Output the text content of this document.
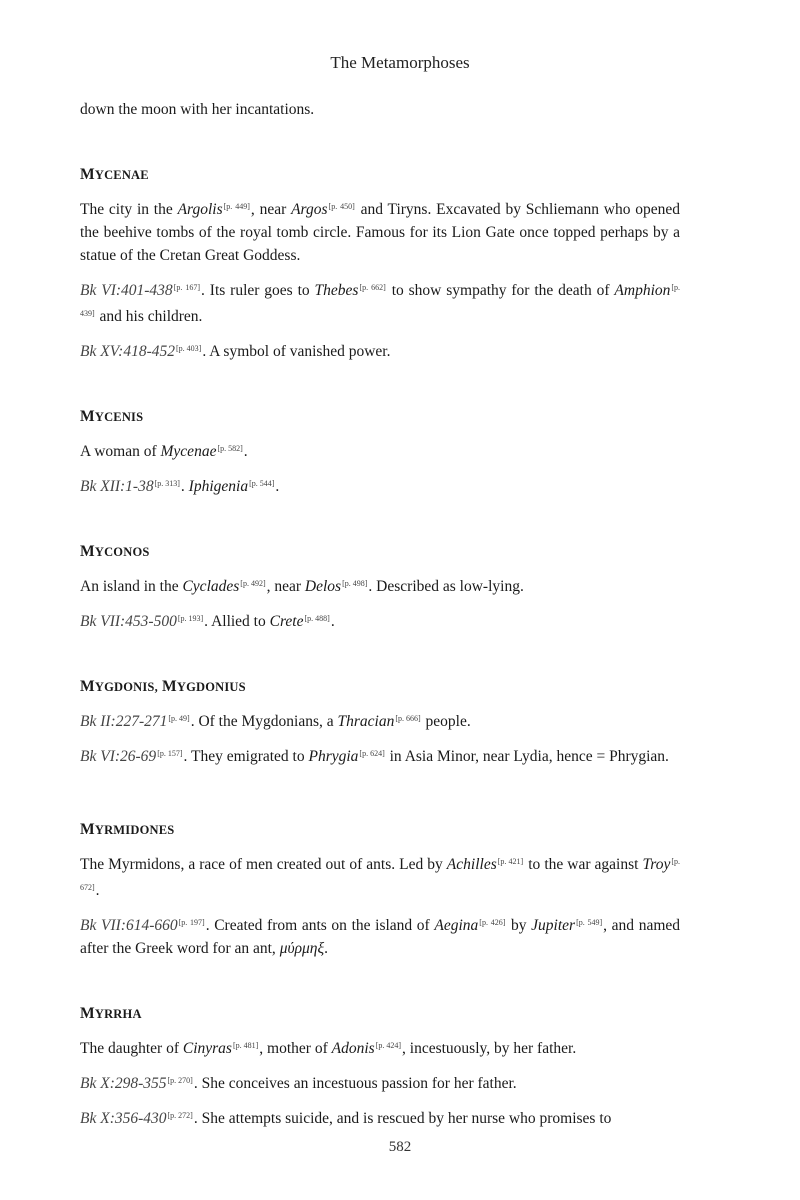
The Metamorphoses

down the moon with her incantations.

MYCENAE

The city in the Argolis[p. 449], near Argos[p. 450] and Tiryns. Excavated by Schliemann who opened the beehive tombs of the royal tomb circle. Famous for its Lion Gate once topped perhaps by a statue of the Cretan Great Goddess.

Bk VI:401-438[p. 167]. Its ruler goes to Thebes[p. 662] to show sympathy for the death of Amphion[p. 439] and his children.

Bk XV:418-452[p. 403]. A symbol of vanished power.

MYCENIS

A woman of Mycenae[p. 582].

Bk XII:1-38[p. 313]. Iphigenia[p. 544].

MYCONOS

An island in the Cyclades[p. 492], near Delos[p. 498]. Described as low-lying.

Bk VII:453-500[p. 193]. Allied to Crete[p. 488].

MYGDONIS, MYGDONIUS

Bk II:227-271[p. 49]. Of the Mygdonians, a Thracian[p. 666] people.

Bk VI:26-69[p. 157]. They emigrated to Phrygia[p. 624] in Asia Minor, near Lydia, hence = Phrygian.

MYRMIDONES

The Myrmidons, a race of men created out of ants. Led by Achilles[p. 421] to the war against Troy[p. 672].

Bk VII:614-660[p. 197]. Created from ants on the island of Aegina[p. 426] by Jupiter[p. 549], and named after the Greek word for an ant, μύρμηξ.

MYRRHA

The daughter of Cinyras[p. 481], mother of Adonis[p. 424], incestuously, by her father.

Bk X:298-355[p. 270]. She conceives an incestuous passion for her father.

Bk X:356-430[p. 272]. She attempts suicide, and is rescued by her nurse who promises to

582
